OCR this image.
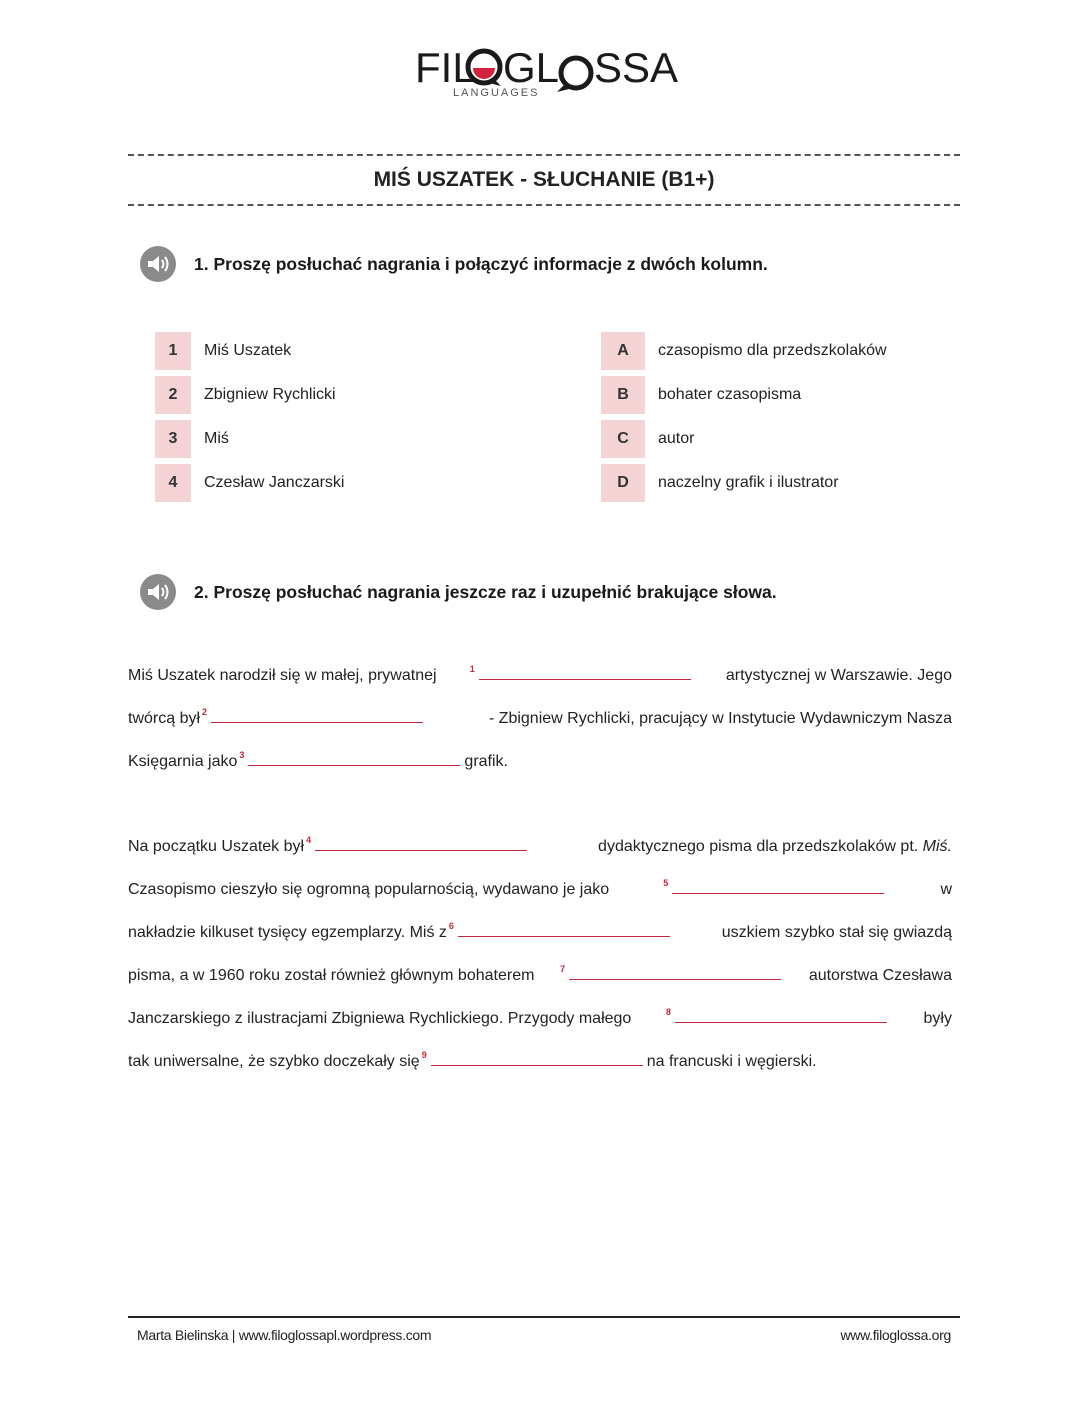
FIL GL SSA
LANGUAGES
MIŚ USZATEK - SŁUCHANIE (B1+)
1. Proszę posłuchać nagrania i połączyć informacje z dwóch kolumn.
1	Miś Uszatek
2	Zbigniew Rychlicki
3	Miś
4	Czesław Janczarski
A	czasopismo dla przedszkolaków
B	bohater czasopisma
C	autor
D	naczelny grafik i ilustrator
2. Proszę posłuchać nagrania jeszcze raz i uzupełnić brakujące słowa.
Miś Uszatek narodził się w małej, prywatnej	$^1$	artystycznej w Warszawie. Jego
twórcą był $^2$	- Zbigniew Rychlicki, pracujący w Instytucie Wydawniczym Nasza
Księgarnia jako $^3$	grafik.
Na początku Uszatek był $^4$	dydaktycznego pisma dla przedszkolaków pt. Miś.
Czasopismo cieszyło się ogromną popularnością, wydawano je jako	$^5$	w
nakładzie kilkuset tysięcy egzemplarzy. Miś z $^6$	uszkiem szybko stał się gwiazdą
pisma, a w 1960 roku został również głównym bohaterem	$^7$	autorstwa Czesława
Janczarskiego z ilustracjami Zbigniewa Rychlickiego. Przygody małego	$^8$	były
tak uniwersalne, że szybko doczekały się $^9$	na francuski i węgierski.
Marta Bielinska | www.filoglossapl.wordpress.com	www.filoglossa.org
